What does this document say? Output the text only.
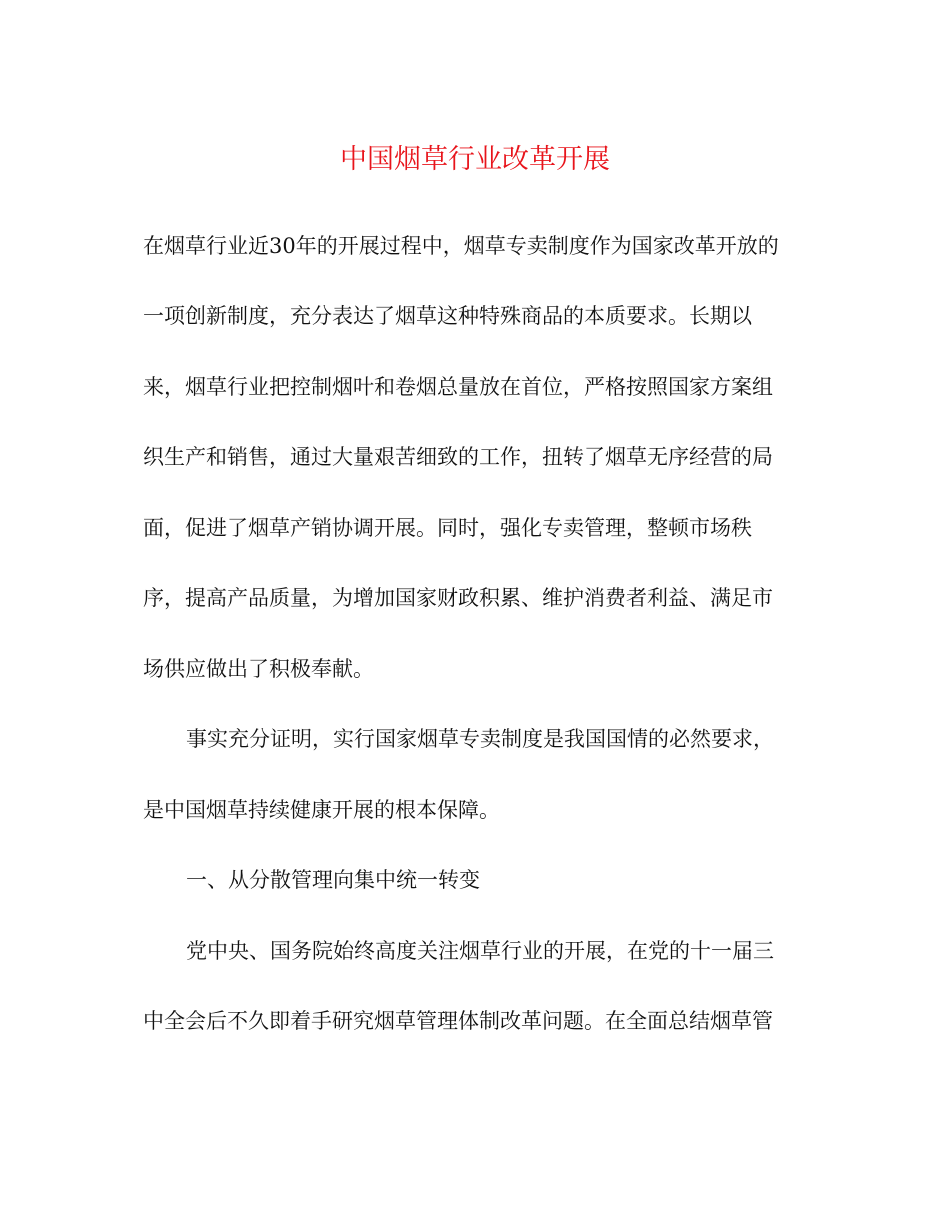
中国烟草行业改革开展
在烟草行业近30年的开展过程中，烟草专卖制度作为国家改革开放的
一项创新制度，充分表达了烟草这种特殊商品的本质要求。长期以
来，烟草行业把控制烟叶和卷烟总量放在首位，严格按照国家方案组
织生产和销售，通过大量艰苦细致的工作，扭转了烟草无序经营的局
面，促进了烟草产销协调开展。同时，强化专卖管理，整顿市场秩
序，提高产品质量，为增加国家财政积累、维护消费者利益、满足市
场供应做出了积极奉献。
事实充分证明，实行国家烟草专卖制度是我国国情的必然要求，
是中国烟草持续健康开展的根本保障。
一、从分散管理向集中统一转变
党中央、国务院始终高度关注烟草行业的开展，在党的十一届三
中全会后不久即着手研究烟草管理体制改革问题。在全面总结烟草管
